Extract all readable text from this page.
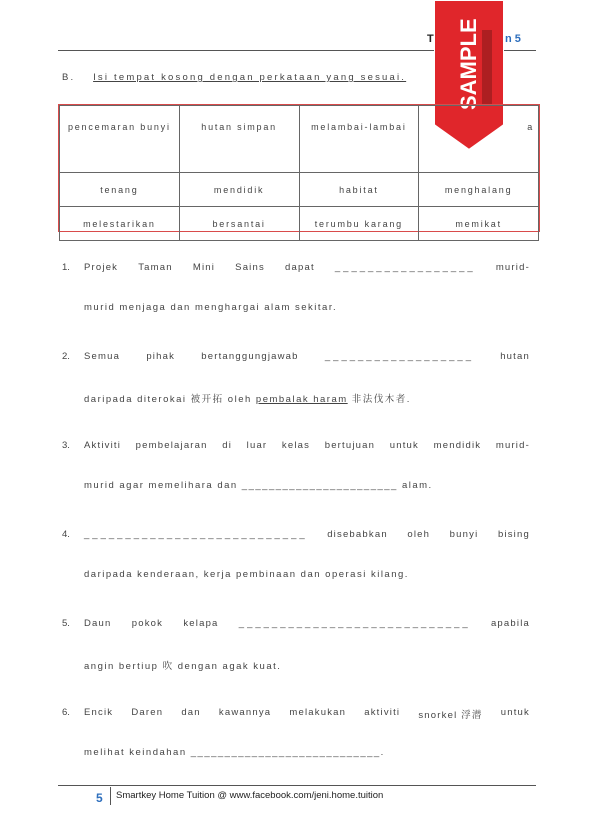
T	n 5
SAMPLE
B. Isi tempat kosong dengan perkataan yang sesuai.
pencemaran bunyi	hutan simpan	melambai-lambai	a
tenang	mendidik	habitat	menghalang
melestarikan	bersantai	terumbu karang	memikat
1. Projek Taman Mini Sains dapat _________________ murid-
murid menjaga dan menghargai alam sekitar.
2. Semua	pihak	bertanggungjawab	__________________	hutan
daripada diterokai 被开拓 oleh pembalak haram 非法伐木者.
3. Aktiviti pembelajaran di luar kelas bertujuan untuk mendidik murid-
murid agar memelihara dan _______________________ alam.
4. ___________________________ disebabkan oleh bunyi bising
daripada kenderaan, kerja pembinaan dan operasi kilang.
5. Daun pokok kelapa ____________________________ apabila
angin bertiup 吹 dengan agak kuat.
6. Encik Daren dan kawannya melakukan aktiviti snorkel 浮潜 untuk
melihat keindahan ____________________________.
5 Smartkey Home Tuition @ www.facebook.com/jeni.home.tuition
